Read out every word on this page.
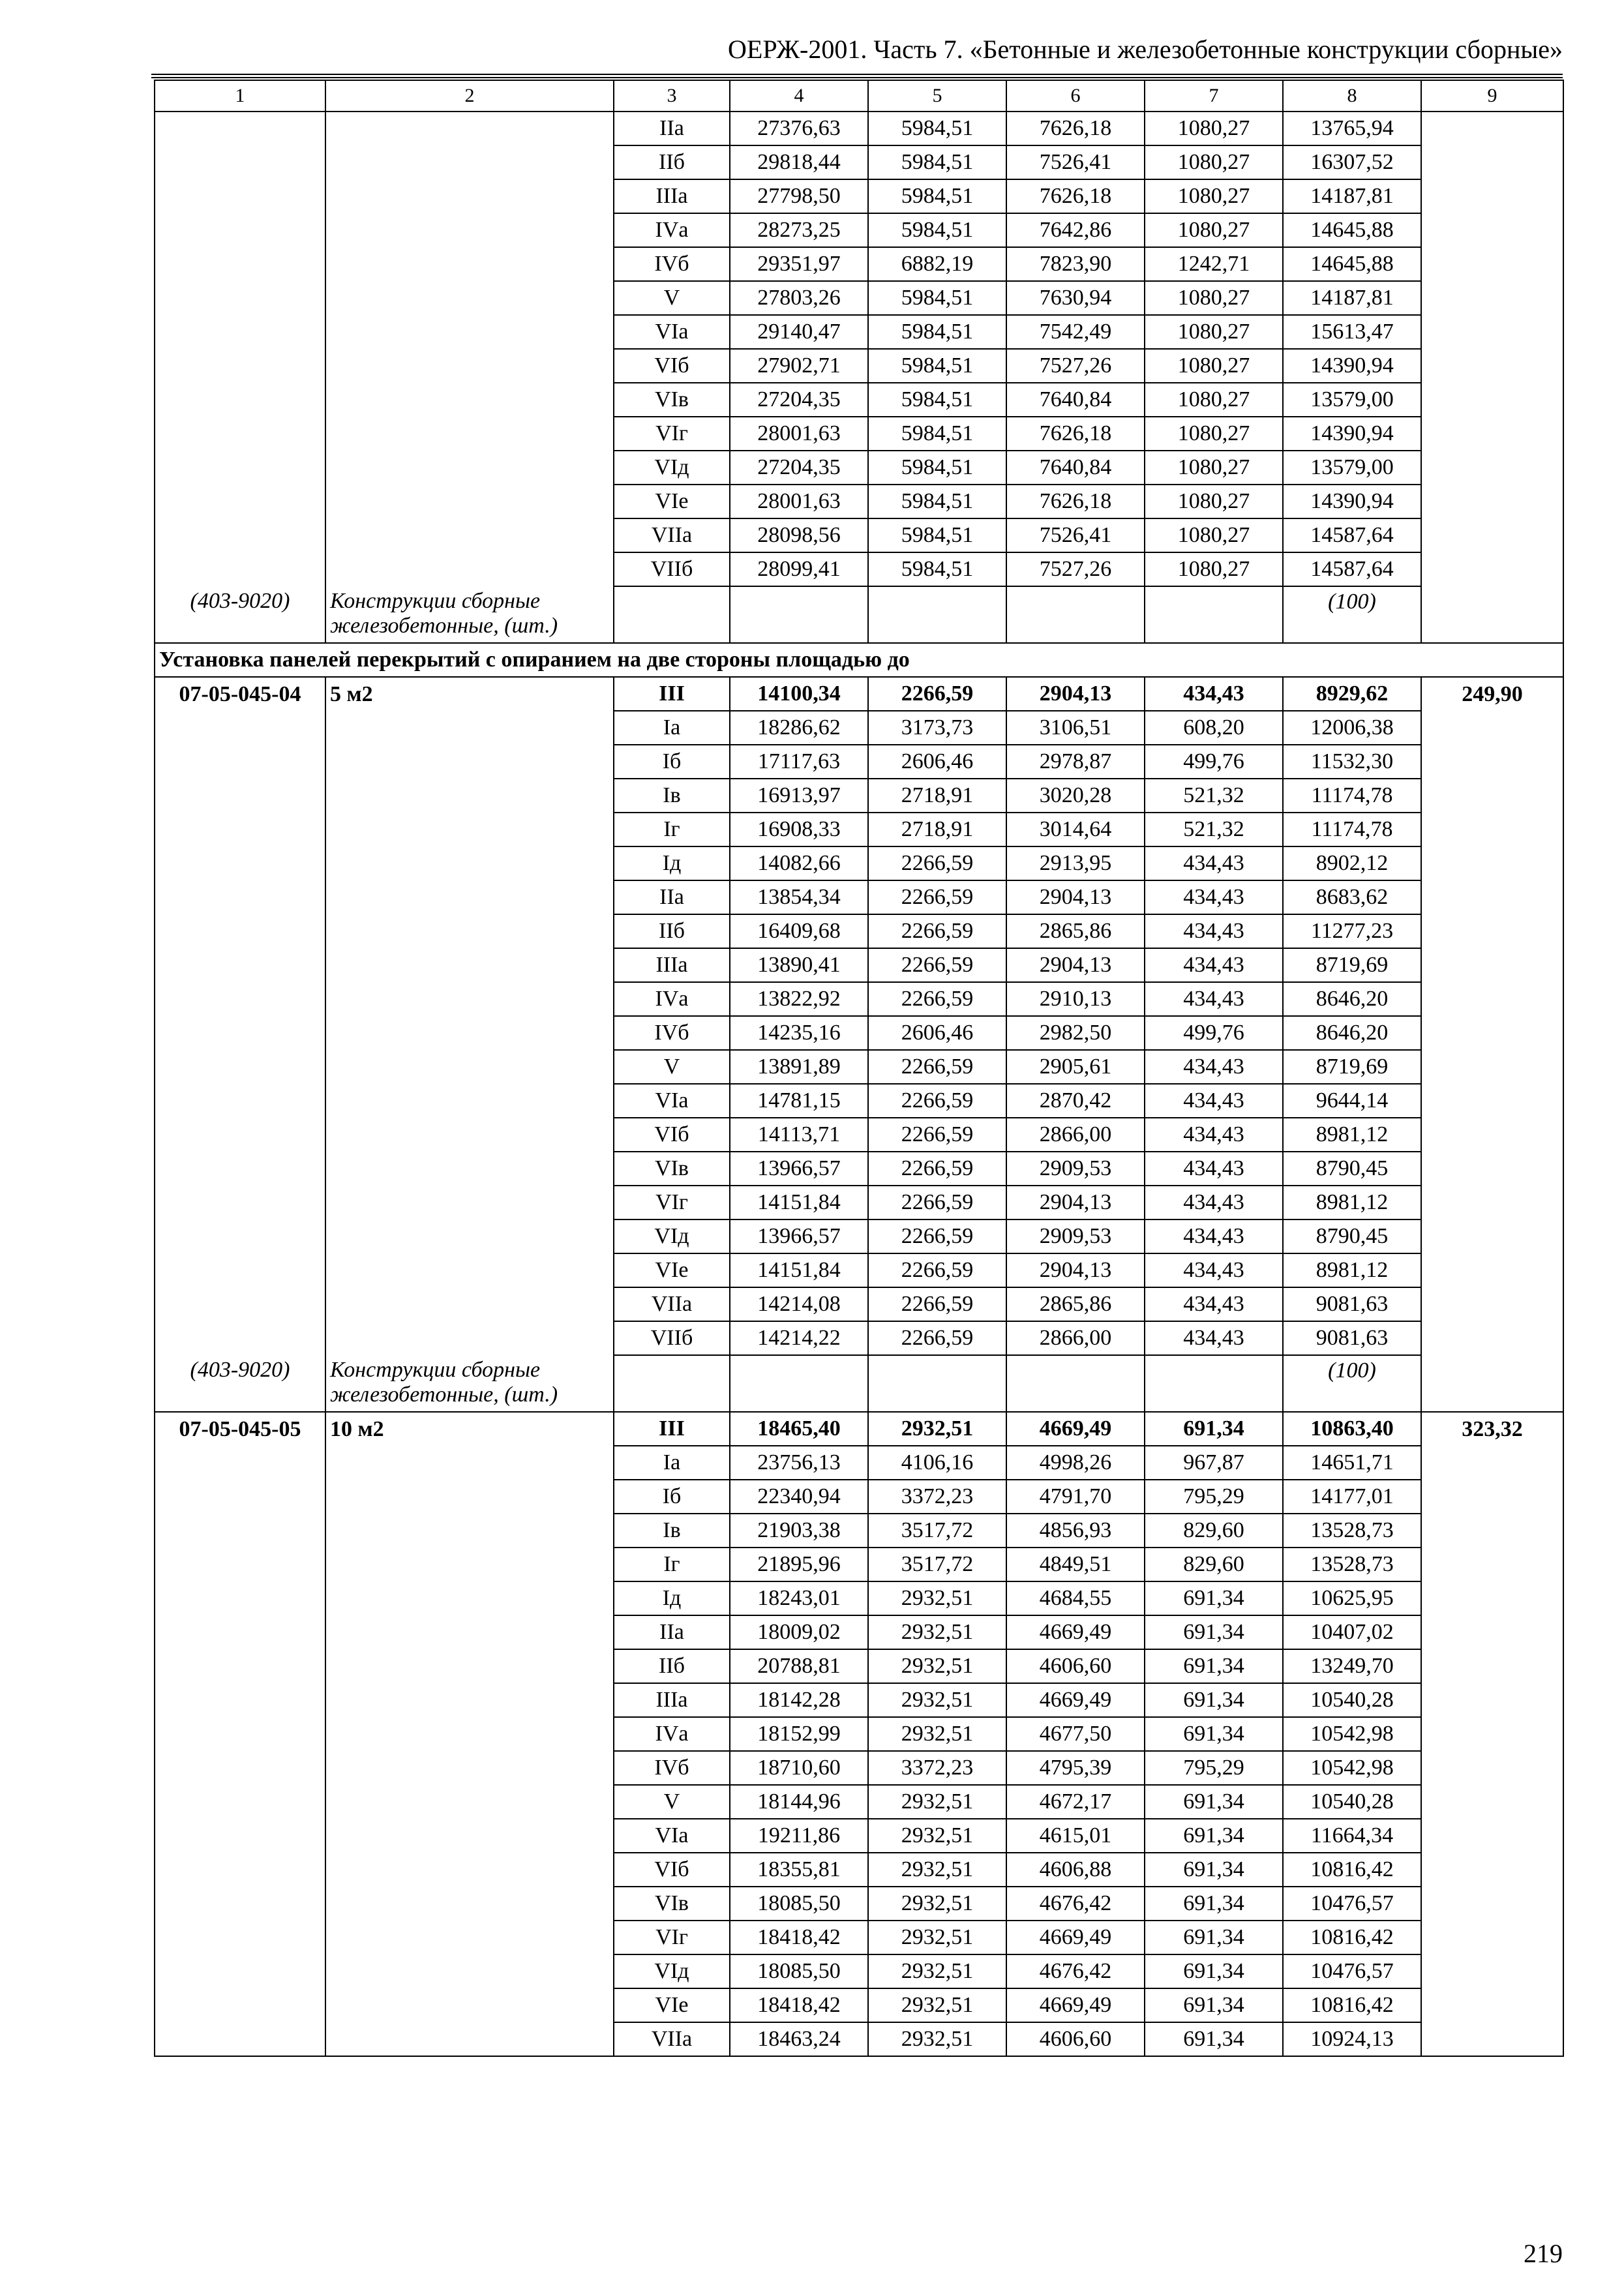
ОЕРЖ-2001. Часть 7. «Бетонные и железобетонные конструкции сборные»
1	2	3	4	5	6	7	8	9
		IIа	27376,63	5984,51	7626,18	1080,27	13765,94	
		IIб	29818,44	5984,51	7526,41	1080,27	16307,52	
		IIIа	27798,50	5984,51	7626,18	1080,27	14187,81	
		IVа	28273,25	5984,51	7642,86	1080,27	14645,88	
		IVб	29351,97	6882,19	7823,90	1242,71	14645,88	
		V	27803,26	5984,51	7630,94	1080,27	14187,81	
		VIа	29140,47	5984,51	7542,49	1080,27	15613,47	
		VIб	27902,71	5984,51	7527,26	1080,27	14390,94	
		VIв	27204,35	5984,51	7640,84	1080,27	13579,00	
		VIг	28001,63	5984,51	7626,18	1080,27	14390,94	
		VIд	27204,35	5984,51	7640,84	1080,27	13579,00	
		VIе	28001,63	5984,51	7626,18	1080,27	14390,94	
		VIIа	28098,56	5984,51	7526,41	1080,27	14587,64	
		VIIб	28099,41	5984,51	7527,26	1080,27	14587,64	
(403-9020)	Конструкции сборные железобетонные, (шт.)						(100)	
Установка панелей перекрытий с опиранием на две стороны площадью до								
07-05-045-04	5 м2	III	14100,34	2266,59	2904,13	434,43	8929,62	249,90
		Iа	18286,62	3173,73	3106,51	608,20	12006,38	
		Iб	17117,63	2606,46	2978,87	499,76	11532,30	
		Iв	16913,97	2718,91	3020,28	521,32	11174,78	
		Iг	16908,33	2718,91	3014,64	521,32	11174,78	
		Iд	14082,66	2266,59	2913,95	434,43	8902,12	
		IIа	13854,34	2266,59	2904,13	434,43	8683,62	
		IIб	16409,68	2266,59	2865,86	434,43	11277,23	
		IIIа	13890,41	2266,59	2904,13	434,43	8719,69	
		IVа	13822,92	2266,59	2910,13	434,43	8646,20	
		IVб	14235,16	2606,46	2982,50	499,76	8646,20	
		V	13891,89	2266,59	2905,61	434,43	8719,69	
		VIа	14781,15	2266,59	2870,42	434,43	9644,14	
		VIб	14113,71	2266,59	2866,00	434,43	8981,12	
		VIв	13966,57	2266,59	2909,53	434,43	8790,45	
		VIг	14151,84	2266,59	2904,13	434,43	8981,12	
		VIд	13966,57	2266,59	2909,53	434,43	8790,45	
		VIе	14151,84	2266,59	2904,13	434,43	8981,12	
		VIIа	14214,08	2266,59	2865,86	434,43	9081,63	
		VIIб	14214,22	2266,59	2866,00	434,43	9081,63	
(403-9020)	Конструкции сборные железобетонные, (шт.)						(100)	
07-05-045-05	10 м2	III	18465,40	2932,51	4669,49	691,34	10863,40	323,32
		Iа	23756,13	4106,16	4998,26	967,87	14651,71	
		Iб	22340,94	3372,23	4791,70	795,29	14177,01	
		Iв	21903,38	3517,72	4856,93	829,60	13528,73	
		Iг	21895,96	3517,72	4849,51	829,60	13528,73	
		Iд	18243,01	2932,51	4684,55	691,34	10625,95	
		IIа	18009,02	2932,51	4669,49	691,34	10407,02	
		IIб	20788,81	2932,51	4606,60	691,34	13249,70	
		IIIа	18142,28	2932,51	4669,49	691,34	10540,28	
		IVа	18152,99	2932,51	4677,50	691,34	10542,98	
		IVб	18710,60	3372,23	4795,39	795,29	10542,98	
		V	18144,96	2932,51	4672,17	691,34	10540,28	
		VIа	19211,86	2932,51	4615,01	691,34	11664,34	
		VIб	18355,81	2932,51	4606,88	691,34	10816,42	
		VIв	18085,50	2932,51	4676,42	691,34	10476,57	
		VIг	18418,42	2932,51	4669,49	691,34	10816,42	
		VIд	18085,50	2932,51	4676,42	691,34	10476,57	
		VIе	18418,42	2932,51	4669,49	691,34	10816,42	
		VIIа	18463,24	2932,51	4606,60	691,34	10924,13	
219
